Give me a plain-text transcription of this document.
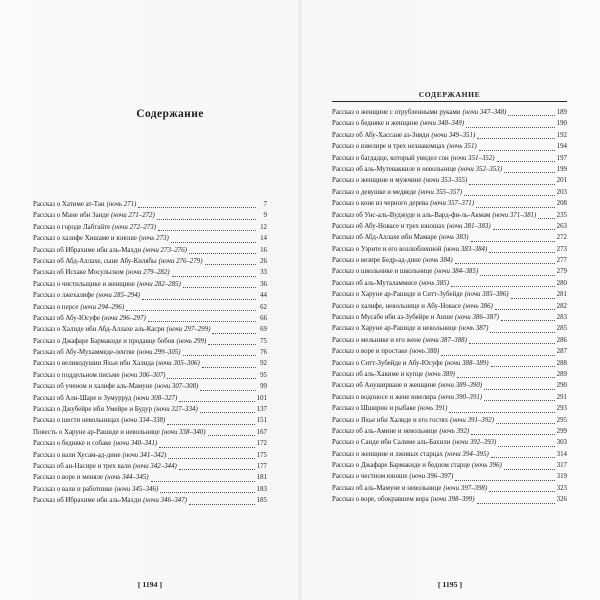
Содержание
Рассказ о Хатиме ат-Таи (ночь 271)	7
Рассказ о Мане ибн Заиде (ночи 271–272)	9
Рассказ о городе Лабтайте (ночи 272–273)	12
Рассказ о халифе Хишаме и юноше (ночь 273)	14
Рассказ об Ибрахиме ибн аль-Махди (ночи 273–276)	16
Рассказ об Абд-Аллахе, сыне Абу-Килябы (ночи 276–279)	26
Рассказ об Исхаке Мосульском (ночи 279–282)	33
Рассказ о чистильщике и женщине (ночи 282–285)	36
Рассказ о лжехалифе (ночи 285–294)	44
Рассказ о персе (ночи 294–296)	62
Рассказ об Абу-Юсуфе (ночи 296–297)	66
Рассказ о Халиде ибн Абд-Аллахе аль-Касри (ночи 297–299)	69
Рассказ о Джафаре Бармакиде и продавце бобов (ночь 299)	75
Рассказ об Абу-Мухаммеде-лентяе (ночи 299–305)	76
Рассказ о великодушии Яхьи ибн Халида (ночи 305–306)	92
Рассказ о поддельном письме (ночи 306–307)	95
Рассказ об ученом и халифе аль-Мамуне (ночи 307–308)	99
Рассказ об Али-Шаре и Зумурруд (ночи 308–327)	101
Рассказ о Джубейре ибн Умейре и Будур (ночи 327–334)	137
Рассказ о шести невольницах (ночи 334–338)	151
Повесть о Харуне ар-Рашиде и невольнице (ночи 338–340)	167
Рассказ о бедняке и собаке (ночи 340–341)	172
Рассказ о вали Хусам-ад-дине (ночи 341–342)	175
Рассказ об ан-Насире и трех вали (ночи 342–344)	177
Рассказ о воре и меняле (ночь 344–345)	181
Рассказ о вали и работнике (ночи 345–346)	183
Рассказ об Ибрахиме ибн аль-Махди (ночи 346–347)	185
[ 1194 ]
СОДЕРЖАНИЕ
Рассказ о женщине с отрубленными руками (ночи 347–348)	189
Рассказ о бедняке и женщине (ночи 348–349)	190
Рассказ об Абу-Хассане аз-Зияди (ночи 349–351)	192
Рассказ о ювелире и трех незнакомцах (ночь 351)	194
Рассказ о багдадце, который увидел сон (ночи 351–352)	197
Рассказ об аль-Мутеваккиле и невольнице (ночи 352–353)	199
Рассказ о женщине и мужчине (ночи 353–355)	201
Рассказ о девушке и медведе (ночи 355–357)	203
Рассказ о коне из черного дерева (ночи 357–371)	208
Рассказ об Унс-аль-Вуджуде и аль-Вард-фи-ль-Акмам (ночи 371–381)	235
Рассказ об Абу-Новасе и трех юношах (ночи 381–383)	263
Рассказ об Абд-Аллахе ибн Мамаре (ночь 383)	272
Рассказ о Узрите и его возлюбленной (ночи 383–384)	273
Рассказ о везире Бедр-ад-дине (ночь 384)	277
Рассказ о школьнике и школьнице (ночи 384–385)	279
Рассказ об аль-Муталаммисе (ночь 385)	280
Рассказ о Харуне ар-Рашиде и Ситт-Зубейде (ночи 385–386)	281
Рассказ о халифе, невольнице и Абу-Новасе (ночь 386)	282
Рассказ о Мусабе ибн аз-Зубейре и Аише (ночи 386–387)	283
Рассказ о Харуне ар-Рашиде и невольнице (ночь 387)	285
Рассказ о мельнике и его жене (ночи 387–388)	286
Рассказ о воре и простаке (ночь 388)	287
Рассказ о Ситт-Зубейде и Абу-Юсуфе (ночи 388–389)	288
Рассказ об аль-Хакиме и купце (ночь 389)	289
Рассказ об Ануширване и женщине (ночи 389–390)	290
Рассказ о водоносе и жене ювелира (ночи 390–391)	291
Рассказ о Шширин и рыбаке (ночь 391)	293
Рассказ о Яхье ибн Халиде и его гостях (ночи 391–392)	295
Рассказ об аль-Амине и невольнице (ночь 392)	299
Рассказ о Саиде ибн Салиме аль-Бахили (ночи 392–393)	303
Рассказ о женщине и лживых старцах (ночи 394–395)	314
Рассказ о Джафаре Бармакиде и бедном старце (ночь 396)	317
Рассказ о честном юноше (ночи 396–397)	319
Рассказ об аль-Мамуне и невольнице (ночи 397–398)	323
Рассказ о воре, обокравшем вора (ночи 398–399)	326
[ 1195 ]
